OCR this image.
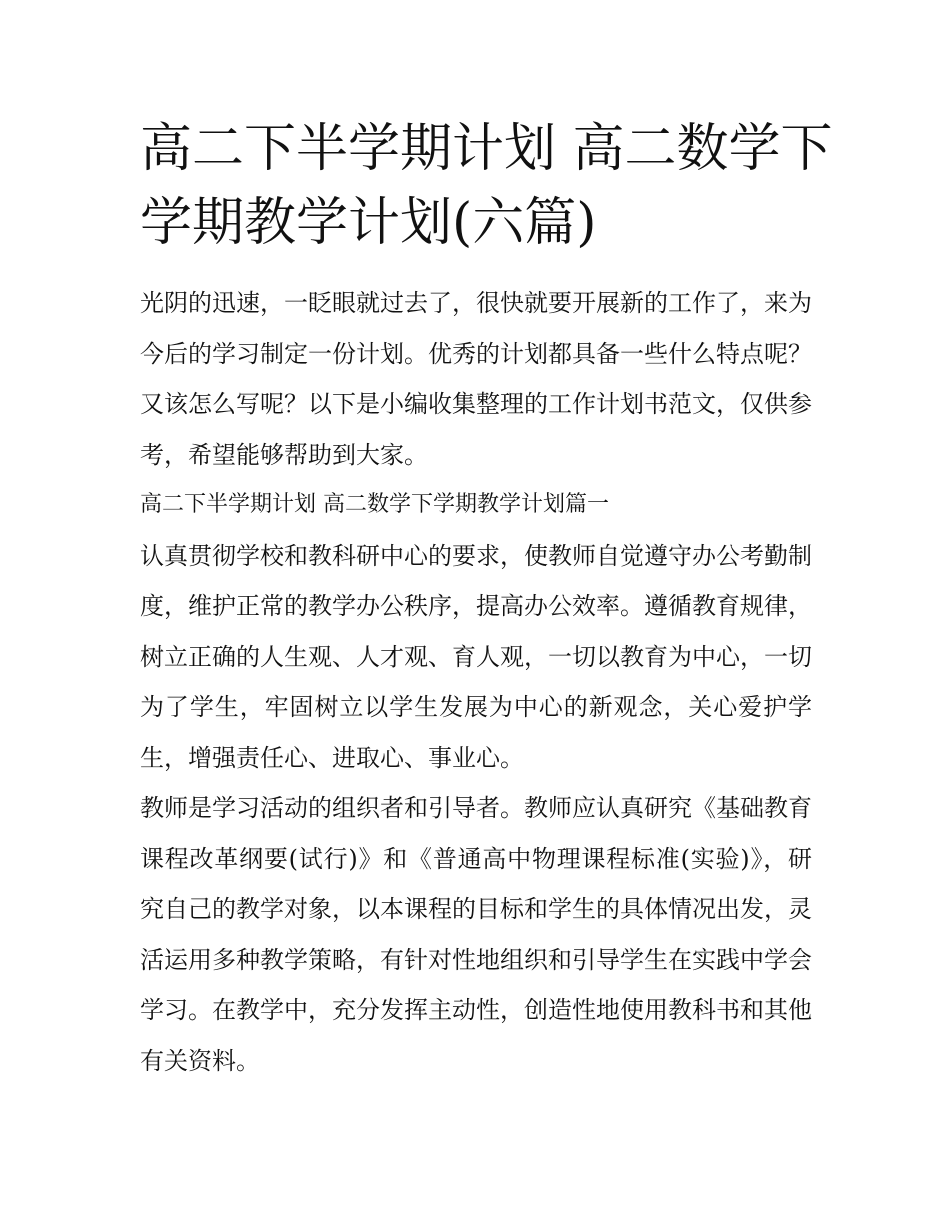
高二下半学期计划 高二数学下
学期教学计划(六篇)

光阴的迅速，一眨眼就过去了，很快就要开展新的工作了，来为今后的学习制定一份计划。优秀的计划都具备一些什么特点呢？又该怎么写呢？以下是小编收集整理的工作计划书范文，仅供参考，希望能够帮助到大家。

高二下半学期计划 高二数学下学期教学计划篇一

认真贯彻学校和教科研中心的要求，使教师自觉遵守办公考勤制度，维护正常的教学办公秩序，提高办公效率。遵循教育规律，树立正确的人生观、人才观、育人观，一切以教育为中心，一切为了学生，牢固树立以学生发展为中心的新观念，关心爱护学生，增强责任心、进取心、事业心。

教师是学习活动的组织者和引导者。教师应认真研究《基础教育课程改革纲要(试行)》和《普通高中物理课程标准(实验)》，研究自己的教学对象，以本课程的目标和学生的具体情况出发，灵活运用多种教学策略，有针对性地组织和引导学生在实践中学会学习。在教学中，充分发挥主动性，创造性地使用教科书和其他有关资料。
